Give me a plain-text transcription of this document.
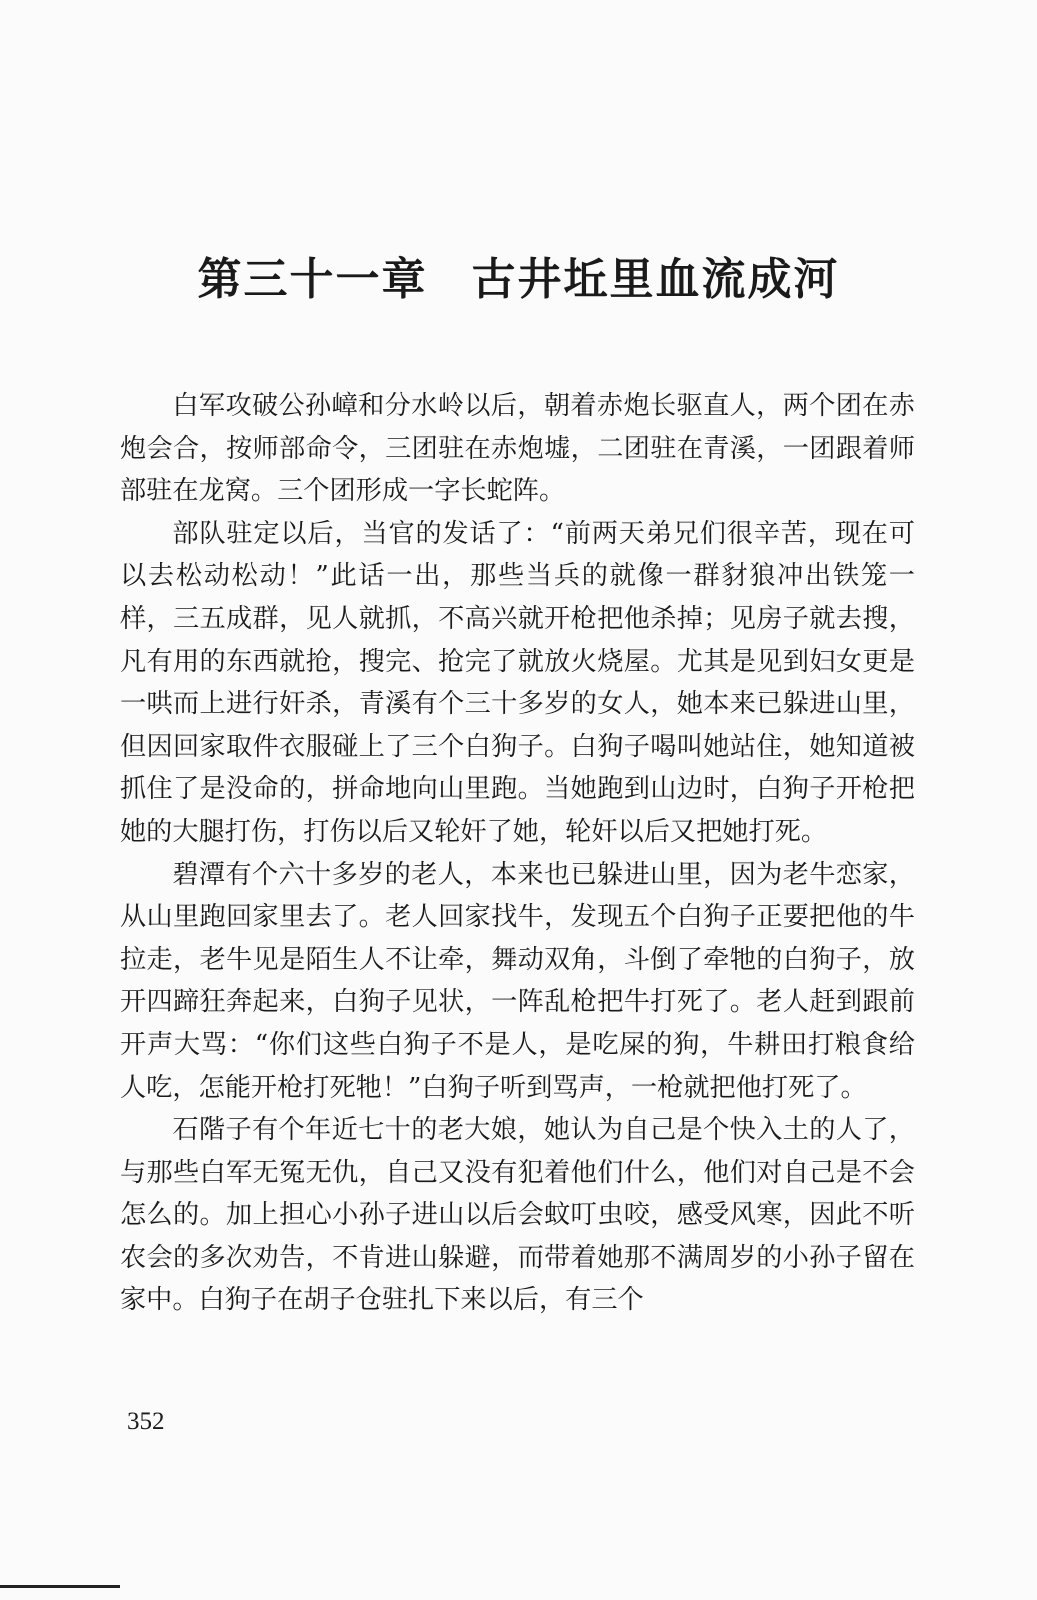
第三十一章 古井坵里血流成河

白军攻破公孙嶂和分水岭以后，朝着赤炮长驱直人，两个团在赤炮会合，按师部命令，三团驻在赤炮墟，二团驻在青溪，一团跟着师部驻在龙窝。三个团形成一字长蛇阵。

部队驻定以后，当官的发话了：“前两天弟兄们很辛苦，现在可以去松动松动！”此话一出，那些当兵的就像一群豺狼冲出铁笼一样，三五成群，见人就抓，不高兴就开枪把他杀掉；见房子就去搜，凡有用的东西就抢，搜完、抢完了就放火烧屋。尤其是见到妇女更是一哄而上进行奸杀，青溪有个三十多岁的女人，她本来已躲进山里，但因回家取件衣服碰上了三个白狗子。白狗子喝叫她站住，她知道被抓住了是没命的，拼命地向山里跑。当她跑到山边时，白狗子开枪把她的大腿打伤，打伤以后又轮奸了她，轮奸以后又把她打死。

碧潭有个六十多岁的老人，本来也已躲进山里，因为老牛恋家，从山里跑回家里去了。老人回家找牛，发现五个白狗子正要把他的牛拉走，老牛见是陌生人不让牵，舞动双角，斗倒了牵牠的白狗子，放开四蹄狂奔起来，白狗子见状，一阵乱枪把牛打死了。老人赶到跟前开声大骂：“你们这些白狗子不是人，是吃屎的狗，牛耕田打粮食给人吃，怎能开枪打死牠！”白狗子听到骂声，一枪就把他打死了。

石階子有个年近七十的老大娘，她认为自己是个快入土的人了，与那些白军无冤无仇，自己又没有犯着他们什么，他们对自己是不会怎么的。加上担心小孙子进山以后会蚊叮虫咬，感受风寒，因此不听农会的多次劝告，不肯进山躲避，而带着她那不满周岁的小孙子留在家中。白狗子在胡子仓驻扎下来以后，有三个

352
